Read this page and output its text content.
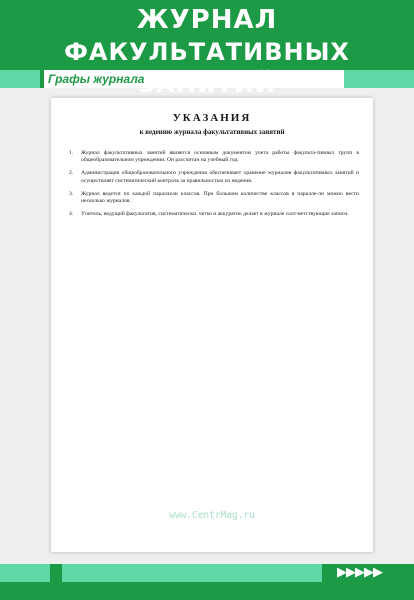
ЖУРНАЛ
ФАКУЛЬТАТИВНЫХ
Графы журнала
УКАЗАНИЯ
к ведению журнала факультативных занятий
1.	Журнал факультативных занятий является основным документом учета работы факульта-тивных групп в общеобразовательном учреждении. Он рассчитан на учебный год.
2.	Администрация общеобразовательного учреждения обеспечивает хранение журналов факультативных занятий и осуществляет систематический контроль за правильностью их ведения.
3.	Журнал ведется по каждой параллели классов. При большом количестве классов в паралле-ли можно вести несколько журналов.
4.	Учитель, ведущий факультатив, систематически. четко и аккуратно делает в журнале соот-ветствующие записи.
www.CentrMag.ru
▶▶▶▶▶
